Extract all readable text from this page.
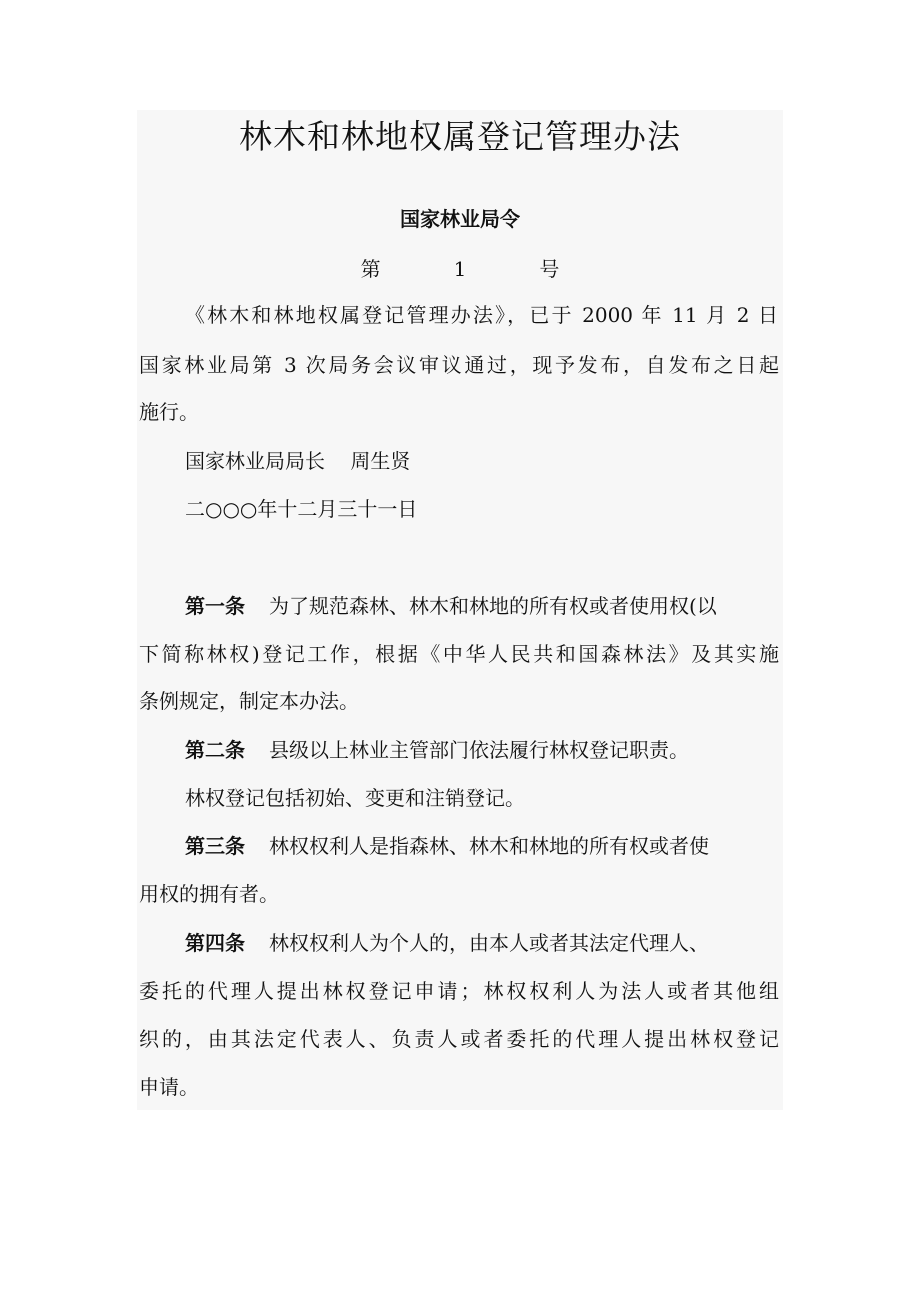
林木和林地权属登记管理办法
国家林业局令
第   1   号
《林木和林地权属登记管理办法》，已于 2000 年 11 月 2 日
国家林业局第 3 次局务会议审议通过，现予发布，自发布之日起
施行。
国家林业局局长    周生贤
二○○○年十二月三十一日
第一条 为了规范森林、林木和林地的所有权或者使用权(以
下简称林权)登记工作，根据《中华人民共和国森林法》及其实施
条例规定，制定本办法。
第二条 县级以上林业主管部门依法履行林权登记职责。
林权登记包括初始、变更和注销登记。
第三条 林权权利人是指森林、林木和林地的所有权或者使
用权的拥有者。
第四条 林权权利人为个人的，由本人或者其法定代理人、
委托的代理人提出林权登记申请；林权权利人为法人或者其他组
织的，由其法定代表人、负责人或者委托的代理人提出林权登记
申请。
